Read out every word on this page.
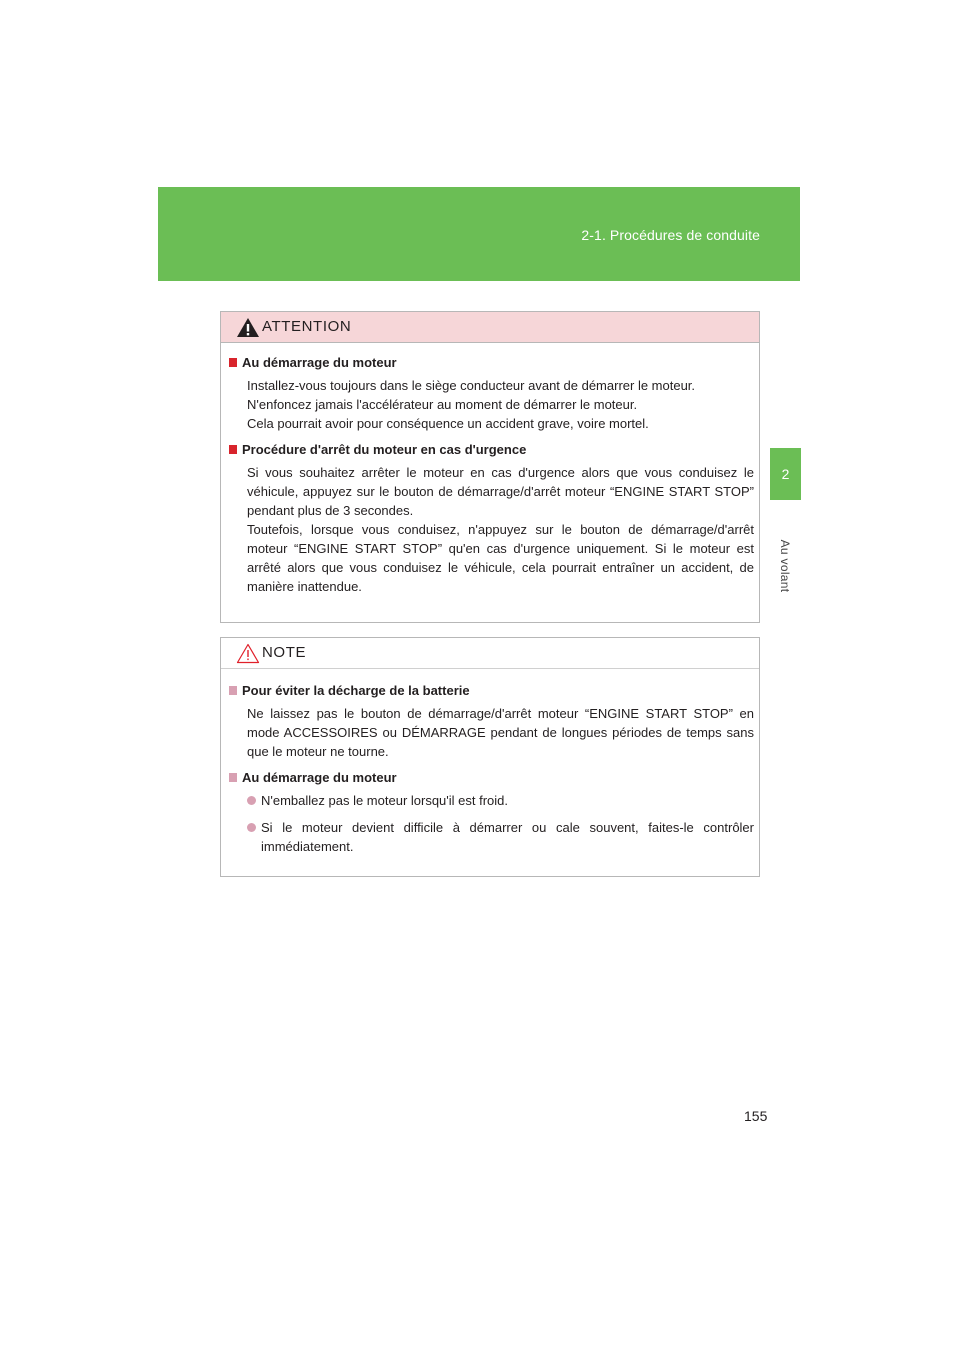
2-1. Procédures de conduite
2
Au volant
ATTENTION
Au démarrage du moteur
Installez-vous toujours dans le siège conducteur avant de démarrer le moteur.
N'enfoncez jamais l'accélérateur au moment de démarrer le moteur.
Cela pourrait avoir pour conséquence un accident grave, voire mortel.
Procédure d'arrêt du moteur en cas d'urgence
Si vous souhaitez arrêter le moteur en cas d'urgence alors que vous conduisez le véhicule, appuyez sur le bouton de démarrage/d'arrêt moteur “ENGINE START STOP” pendant plus de 3 secondes.
Toutefois, lorsque vous conduisez, n'appuyez sur le bouton de démarrage/d'arrêt moteur “ENGINE START STOP” qu'en cas d'urgence uniquement. Si le moteur est arrêté alors que vous conduisez le véhicule, cela pourrait entraîner un accident, de manière inattendue.
NOTE
Pour éviter la décharge de la batterie
Ne laissez pas le bouton de démarrage/d'arrêt moteur “ENGINE START STOP” en mode ACCESSOIRES ou DÉMARRAGE pendant de longues périodes de temps sans que le moteur ne tourne.
Au démarrage du moteur
N'emballez pas le moteur lorsqu'il est froid.
Si le moteur devient difficile à démarrer ou cale souvent, faites-le contrôler immédiatement.
155
